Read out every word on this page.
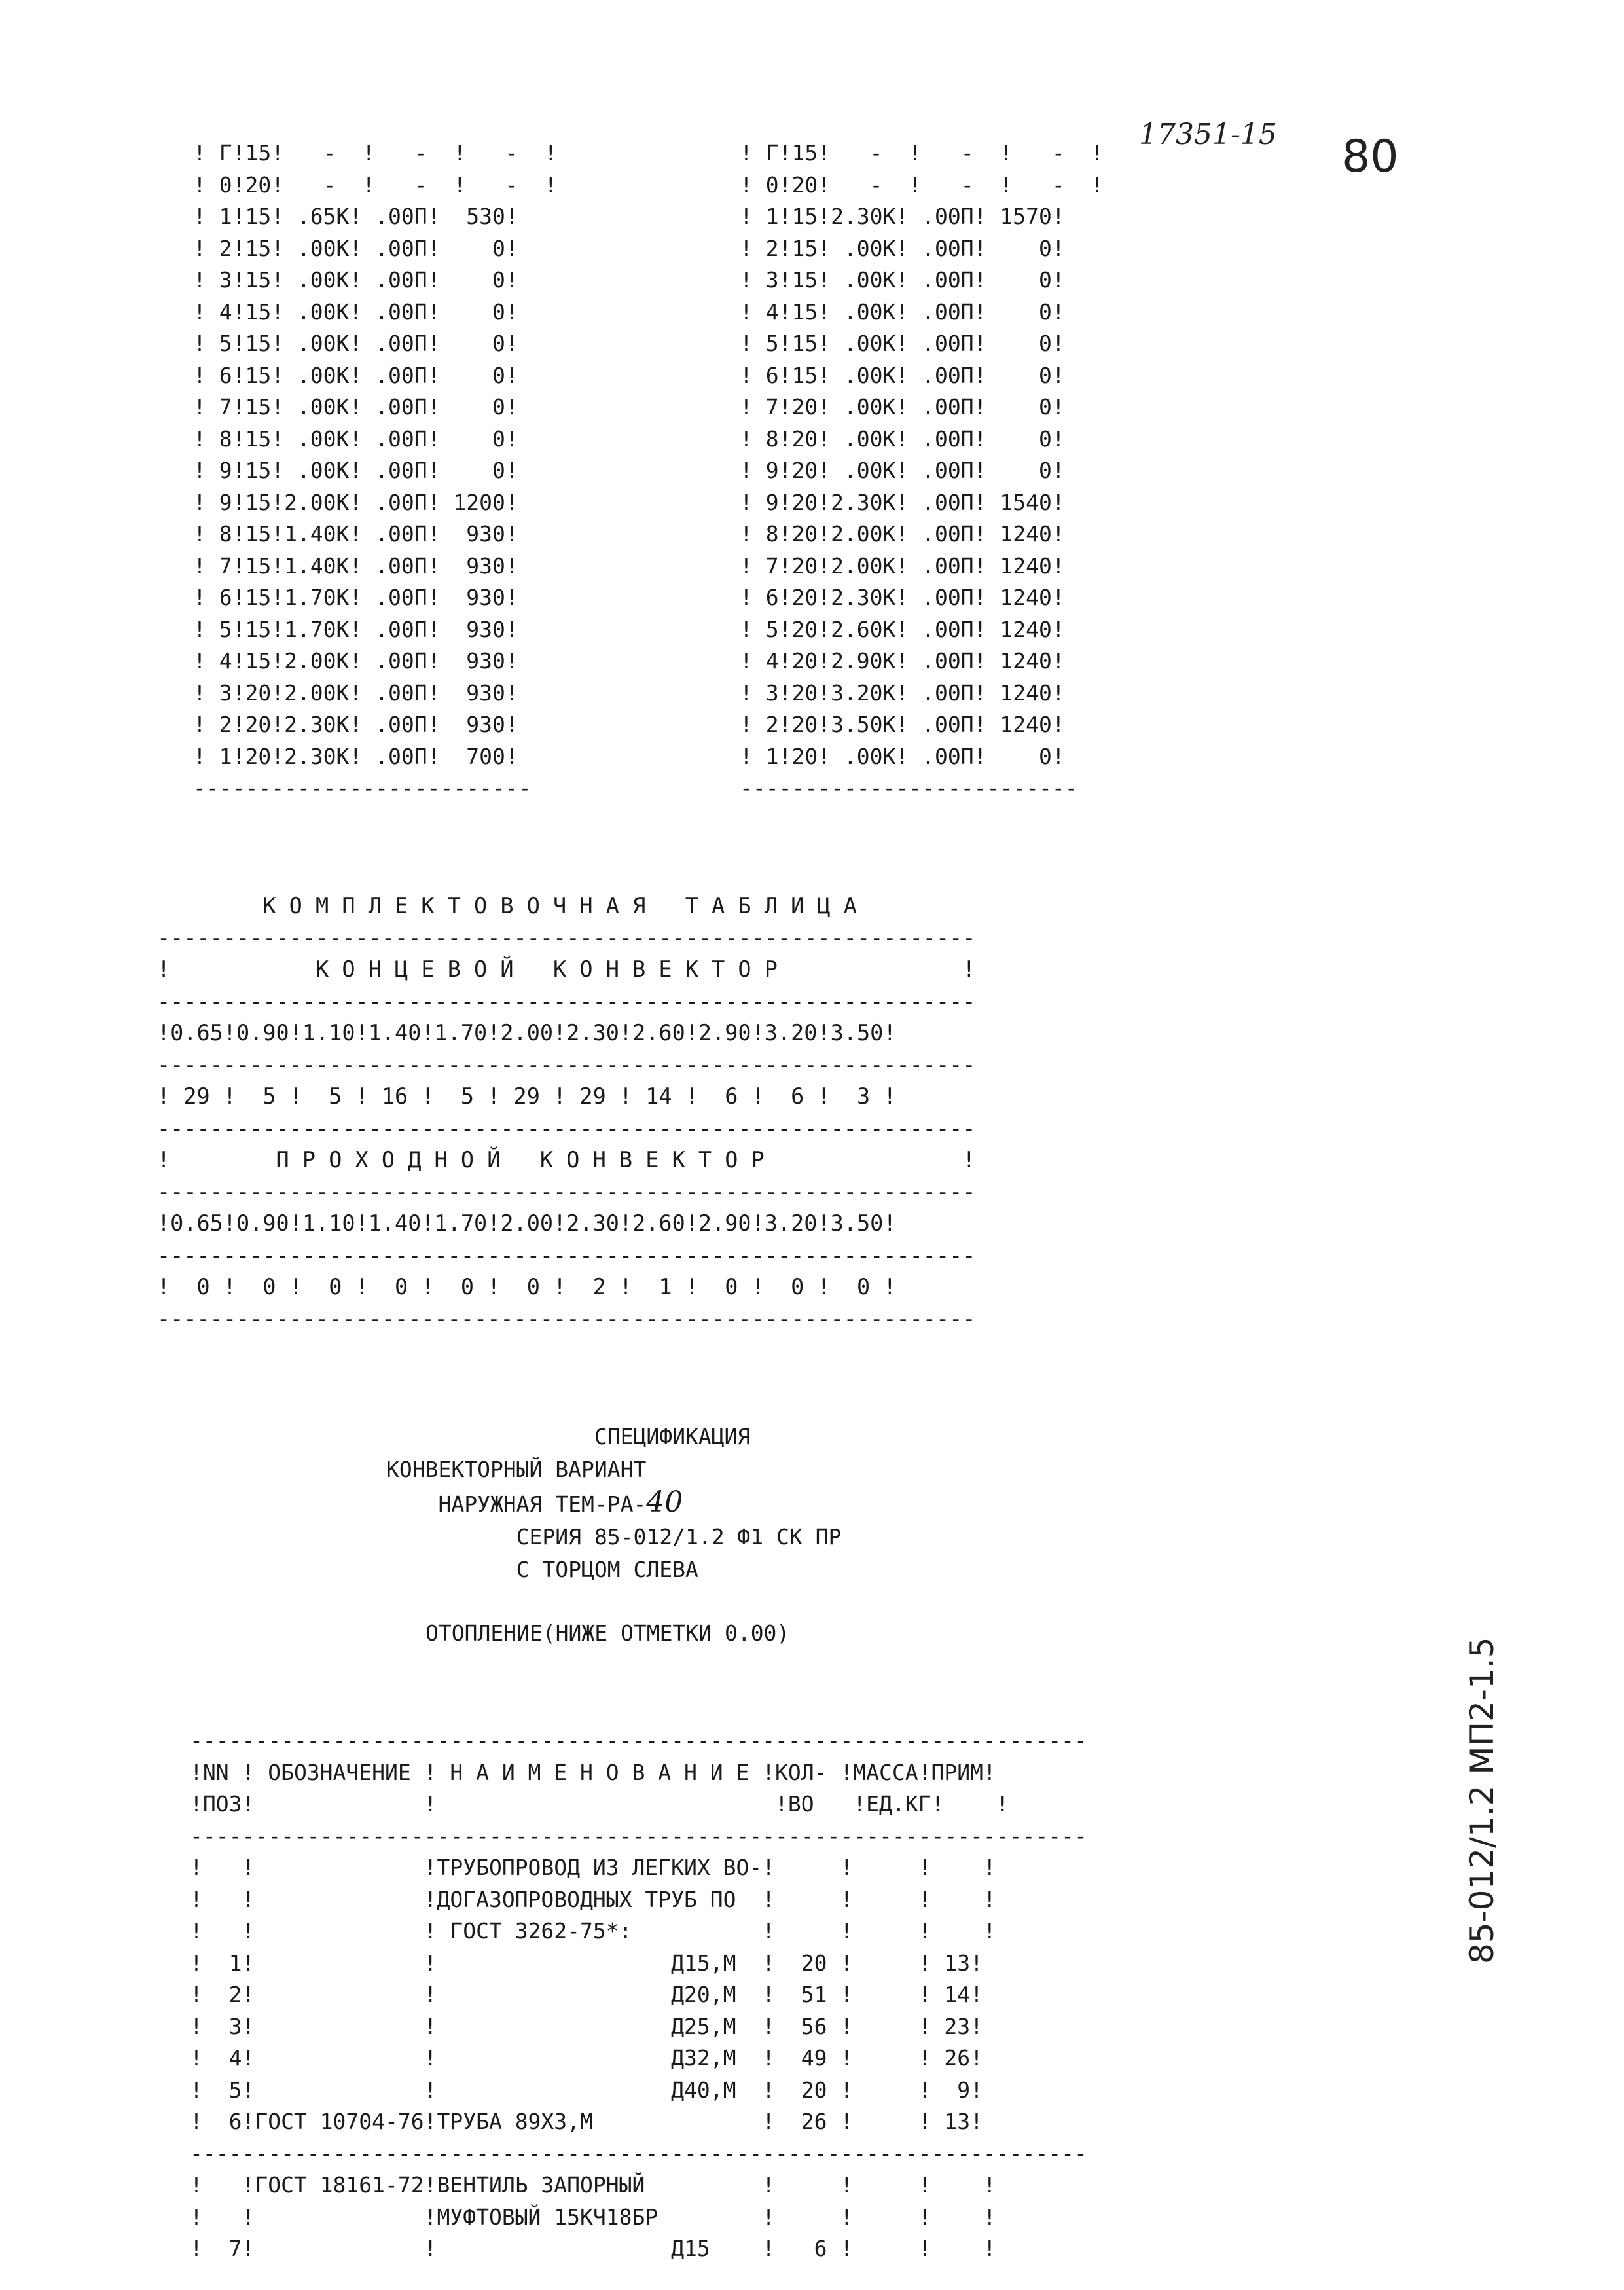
17351-15 80
85-012/1.2 МП2-1.5
! Г!15!   -  !   -  !   -  !
! 0!20!   -  !   -  !   -  !
! 1!15! .65К! .00П!  530!
! 2!15! .00К! .00П!    0!
! 3!15! .00К! .00П!    0!
! 4!15! .00К! .00П!    0!
! 5!15! .00К! .00П!    0!
! 6!15! .00К! .00П!    0!
! 7!15! .00К! .00П!    0!
! 8!15! .00К! .00П!    0!
! 9!15! .00К! .00П!    0!
! 9!15!2.00К! .00П! 1200!
! 8!15!1.40К! .00П!  930!
! 7!15!1.40К! .00П!  930!
! 6!15!1.70К! .00П!  930!
! 5!15!1.70К! .00П!  930!
! 4!15!2.00К! .00П!  930!
! 3!20!2.00К! .00П!  930!
! 2!20!2.30К! .00П!  930!
! 1!20!2.30К! .00П!  700!
--------------------------
! Г!15!   -  !   -  !   -  !
! 0!20!   -  !   -  !   -  !
! 1!15!2.30К! .00П! 1570!
! 2!15! .00К! .00П!    0!
! 3!15! .00К! .00П!    0!
! 4!15! .00К! .00П!    0!
! 5!15! .00К! .00П!    0!
! 6!15! .00К! .00П!    0!
! 7!20! .00К! .00П!    0!
! 8!20! .00К! .00П!    0!
! 9!20! .00К! .00П!    0!
! 9!20!2.30К! .00П! 1540!
! 8!20!2.00К! .00П! 1240!
! 7!20!2.00К! .00П! 1240!
! 6!20!2.30К! .00П! 1240!
! 5!20!2.60К! .00П! 1240!
! 4!20!2.90К! .00П! 1240!
! 3!20!3.20К! .00П! 1240!
! 2!20!3.50К! .00П! 1240!
! 1!20! .00К! .00П!    0!
--------------------------
К О М П Л Е К Т О В О Ч Н А Я   Т А Б Л И Ц А
--------------------------------------------------------------
!           К О Н Ц Е В О Й   К О Н В Е К Т О Р              !
--------------------------------------------------------------
!0.65!0.90!1.10!1.40!1.70!2.00!2.30!2.60!2.90!3.20!3.50!
--------------------------------------------------------------
! 29 !  5 !  5 ! 16 !  5 ! 29 ! 29 ! 14 !  6 !  6 !  3 !
--------------------------------------------------------------
!        П Р О Х О Д Н О Й   К О Н В Е К Т О Р               !
--------------------------------------------------------------
!0.65!0.90!1.10!1.40!1.70!2.00!2.30!2.60!2.90!3.20!3.50!
--------------------------------------------------------------
!  0 !  0 !  0 !  0 !  0 !  0 !  2 !  1 !  0 !  0 !  0 !
--------------------------------------------------------------
СПЕЦИФИКАЦИЯ
КОНВЕКТОРНЫЙ ВАРИАНТ
НАРУЖНАЯ ТЕМ-РА-40
СЕРИЯ 85-012/1.2 Ф1 СК ПР
С ТОРЦОМ СЛЕВА
ОТОПЛЕНИЕ(НИЖЕ ОТМЕТКИ 0.00)
---------------------------------------------------------------------
!NN ! ОБОЗНАЧЕНИЕ ! Н А И М Е Н О В А Н И Е !КОЛ- !МАССА!ПРИМ!
!ПОЗ!             !                          !ВО   !ЕД.КГ!    !
---------------------------------------------------------------------
!   !             !ТРУБОПРОВОД ИЗ ЛЕГКИХ ВО-!     !     !    !
!   !             !ДОГАЗОПРОВОДНЫХ ТРУБ ПО  !     !     !    !
!   !             ! ГОСТ 3262-75*:          !     !     !    !
!  1!             !                  Д15,М  !  20 !     ! 13!
!  2!             !                  Д20,М  !  51 !     ! 14!
!  3!             !                  Д25,М  !  56 !     ! 23!
!  4!             !                  Д32,М  !  49 !     ! 26!
!  5!             !                  Д40,М  !  20 !     !  9!
!  6!ГОСТ 10704-76!ТРУБА 89Х3,М             !  26 !     ! 13!
---------------------------------------------------------------------
!   !ГОСТ 18161-72!ВЕНТИЛЬ ЗАПОРНЫЙ         !     !     !    !
!   !             !МУФТОВЫЙ 15КЧ18БР        !     !     !    !
!  7!             !                  Д15    !   6 !     !    !
